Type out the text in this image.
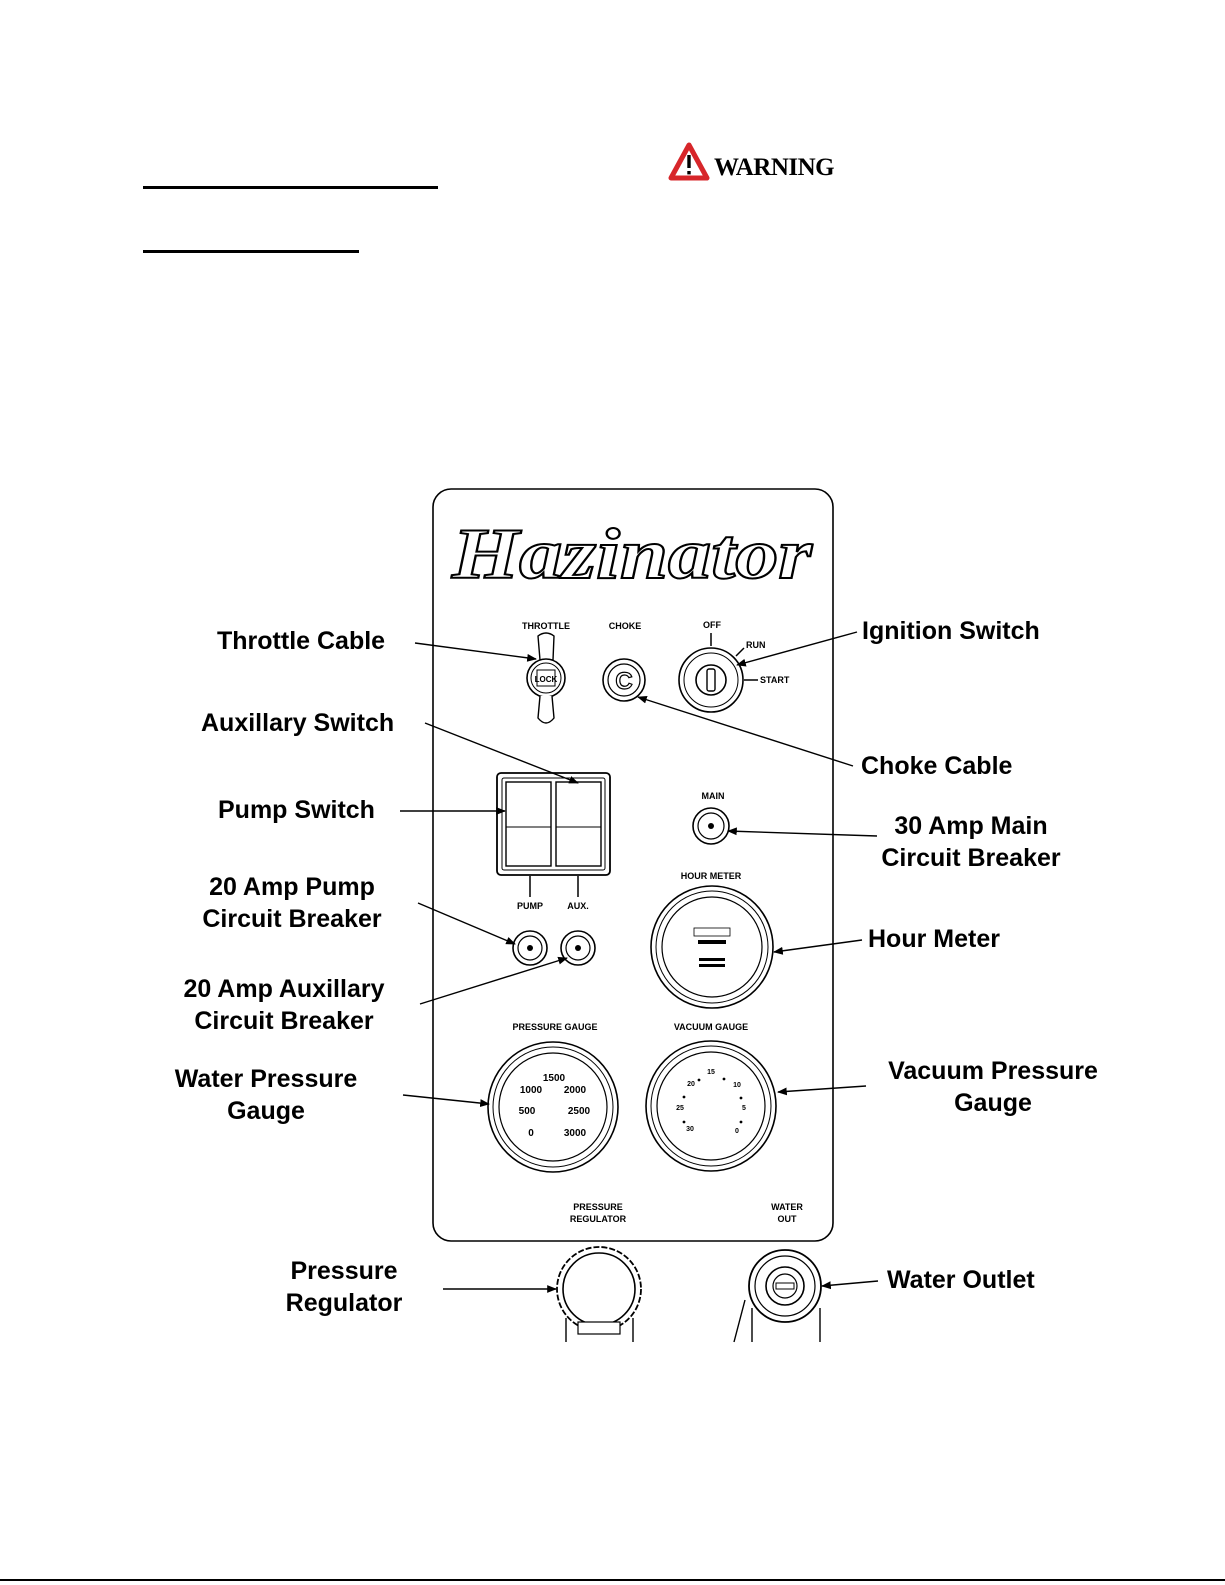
WARNING
Hazinator
THROTTLE
LOCK
CHOKE
C
OFF
RUN
START
PUMP	AUX.
MAIN
HOUR METER
PRESSURE GAUGE	VACUUM GAUGE
0
500
1000
1500
2000
2500
3000	0
5
10
15
20
25
30
PRESSURE
REGULATOR
WATER
OUT
Throttle Cable
Auxillary Switch
Pump Switch
20 Amp Pump
Circuit Breaker
20 Amp Auxillary
Circuit Breaker
Water Pressure
Gauge
Pressure
Regulator
Ignition Switch
Choke Cable
30 Amp Main
Circuit Breaker
Hour Meter
Vacuum Pressure
Gauge
Water Outlet
